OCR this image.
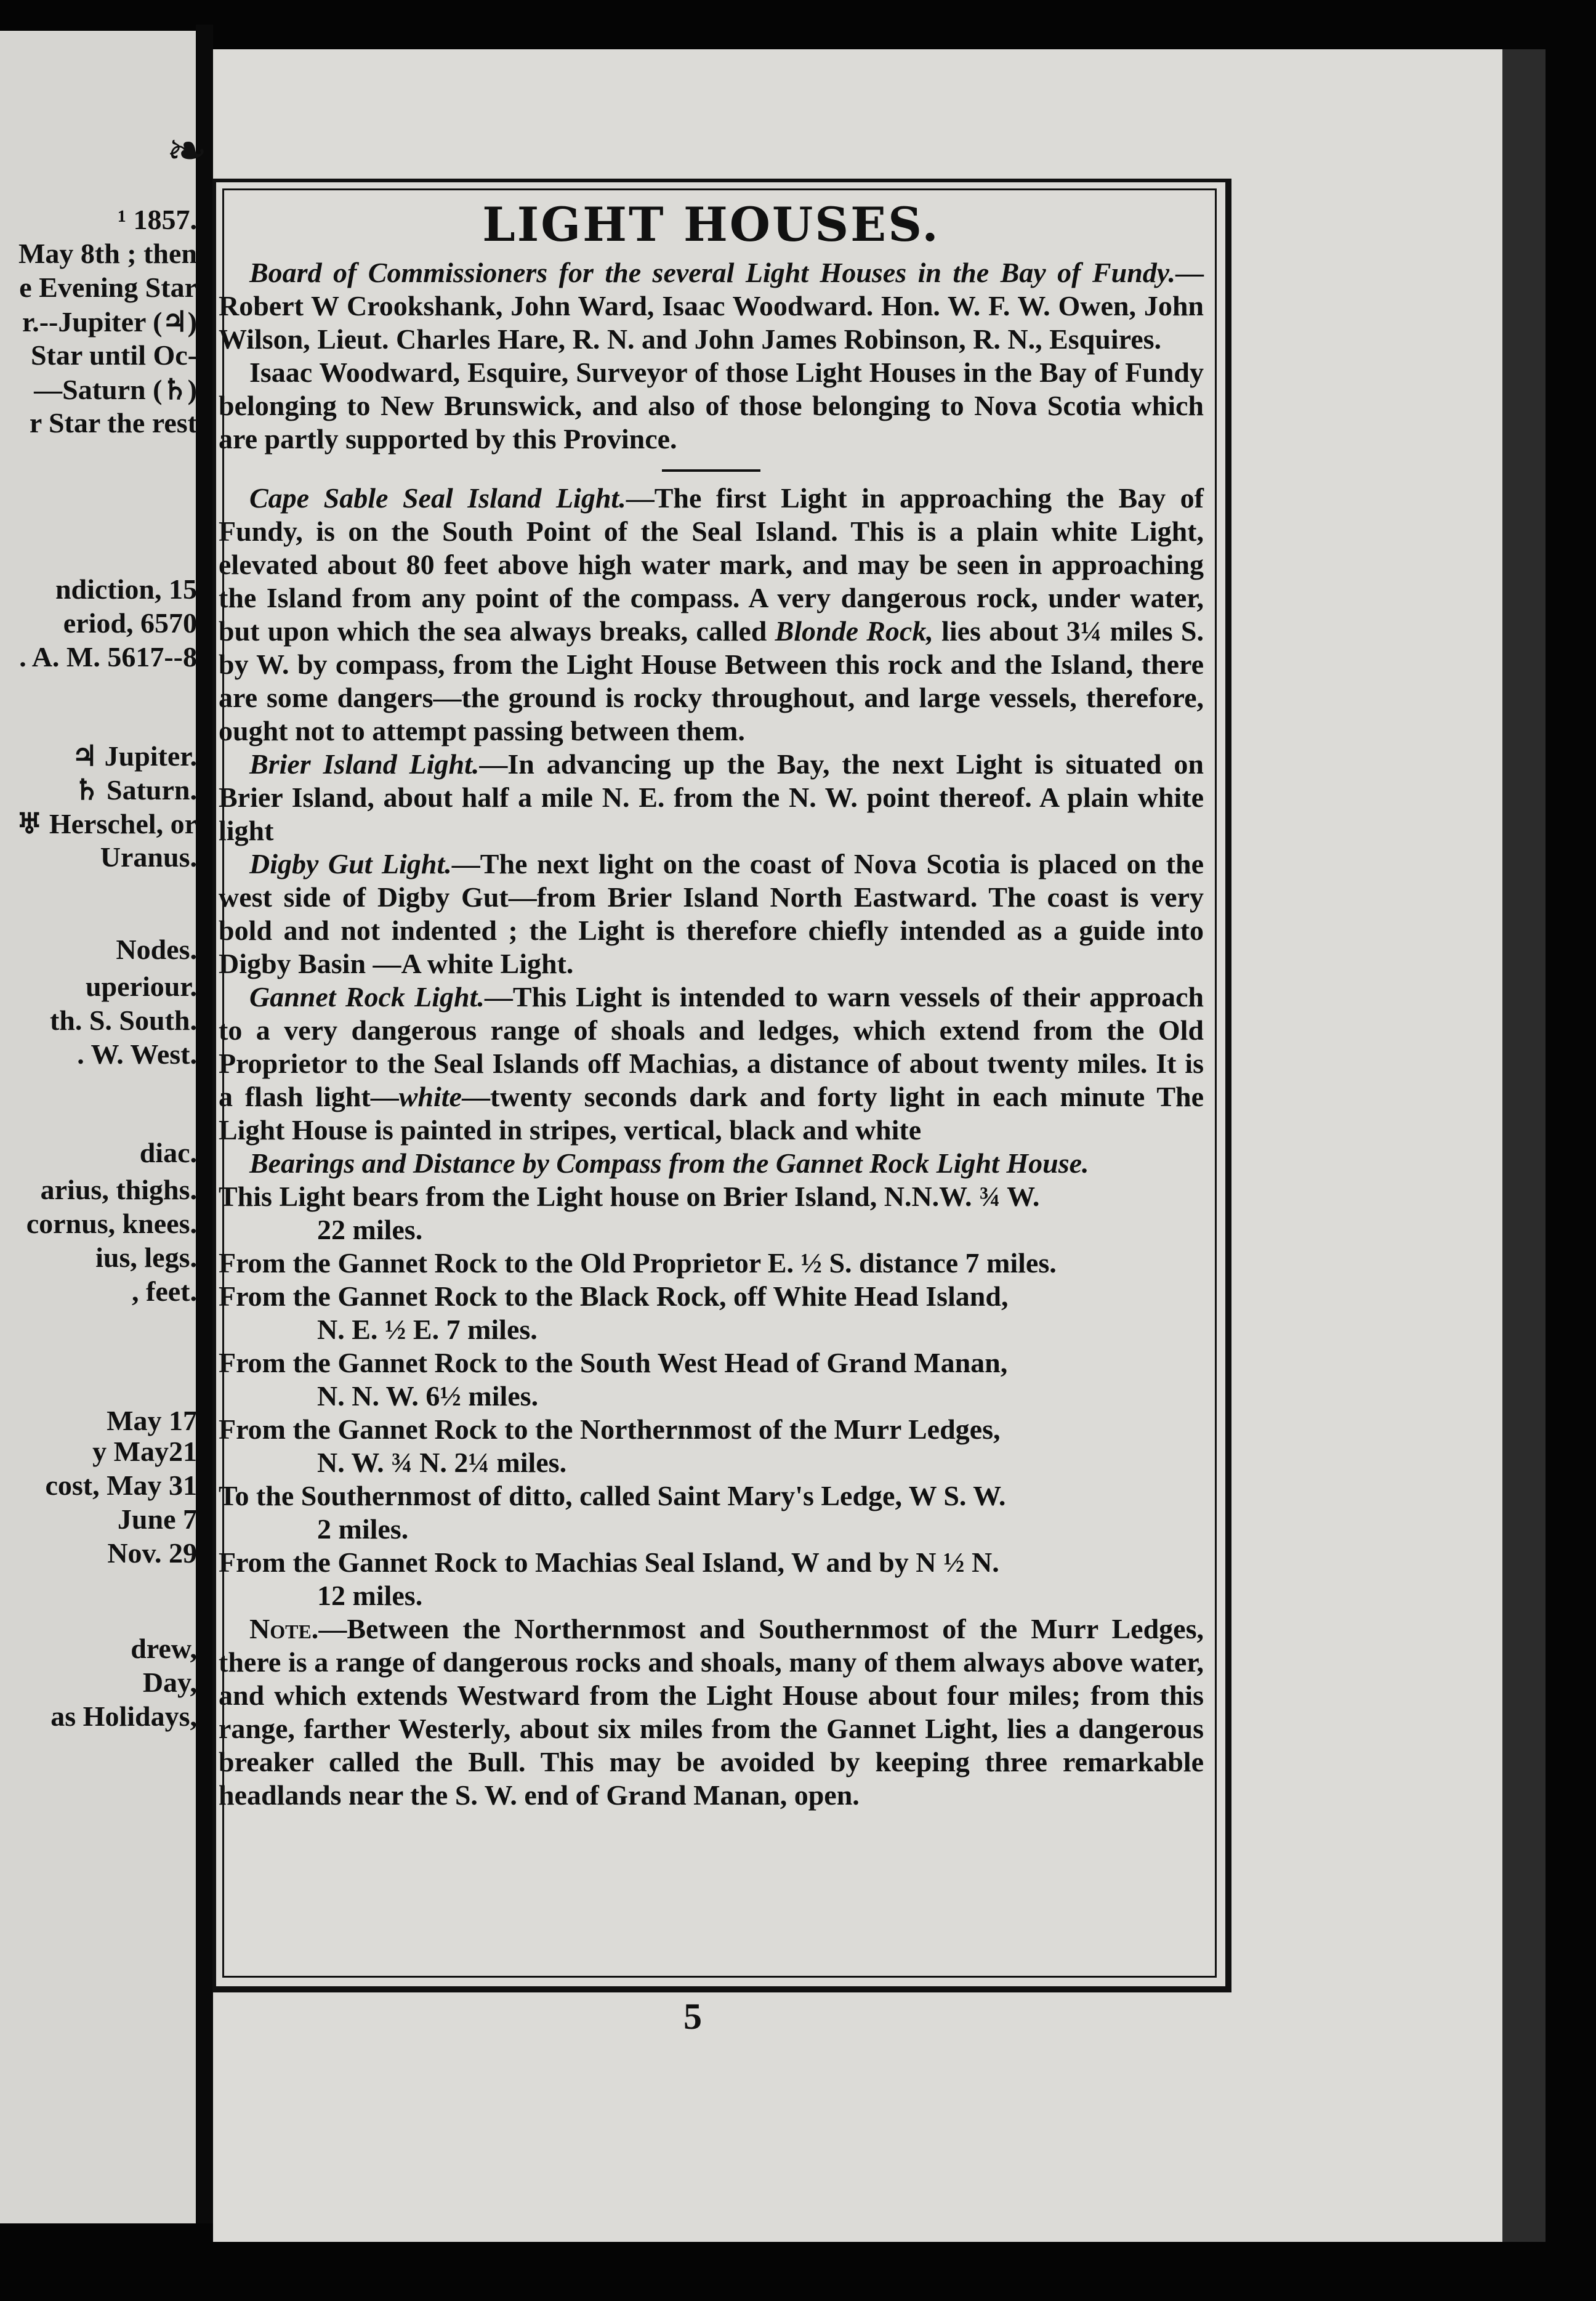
❧
¹ 1857.
May 8th ; then
e Evening Star
r.--Jupiter (♃)
Star until Oc-
—Saturn (♄)
r Star the rest
ndiction, 15
eriod, 6570
. A. M. 5617--8
♃ Jupiter.
♄ Saturn.
♅ Herschel, or
Uranus.
Nodes.
uperiour.
th. S. South.
. W. West.
diac.
arius, thighs.
cornus, knees.
ius, legs.
, feet.
May 17
y May21
cost, May 31
June 7
Nov. 29
drew,
Day,
as Holidays,
LIGHT HOUSES.

Board of Commissioners for the several Light Houses in the Bay of Fundy.—Robert W Crookshank, John Ward, Isaac Woodward. Hon. W. F. W. Owen, John Wilson, Lieut. Charles Hare, R. N. and John James Robinson, R. N., Esquires.

Isaac Woodward, Esquire, Surveyor of those Light Houses in the Bay of Fundy belonging to New Brunswick, and also of those belonging to Nova Scotia which are partly supported by this Province.

Cape Sable Seal Island Light.—The first Light in approaching the Bay of Fundy, is on the South Point of the Seal Island. This is a plain white Light, elevated about 80 feet above high water mark, and may be seen in approaching the Island from any point of the compass. A very dangerous rock, under water, but upon which the sea always breaks, called Blonde Rock, lies about 3¼ miles S. by W. by compass, from the Light House Between this rock and the Island, there are some dangers—the ground is rocky throughout, and large vessels, therefore, ought not to attempt passing between them.

Brier Island Light.—In advancing up the Bay, the next Light is situated on Brier Island, about half a mile N. E. from the N. W. point thereof. A plain white light

Digby Gut Light.—The next light on the coast of Nova Scotia is placed on the west side of Digby Gut—from Brier Island North Eastward. The coast is very bold and not indented ; the Light is therefore chiefly intended as a guide into Digby Basin —A white Light.

Gannet Rock Light.—This Light is intended to warn vessels of their approach to a very dangerous range of shoals and ledges, which extend from the Old Proprietor to the Seal Islands off Machias, a distance of about twenty miles. It is a flash light—white—twenty seconds dark and forty light in each minute The Light House is painted in stripes, vertical, black and white

Bearings and Distance by Compass from the Gannet Rock Light House.

This Light bears from the Light house on Brier Island, N.N.W. ¾ W.
22 miles.

From the Gannet Rock to the Old Proprietor E. ½ S. distance 7 miles.

From the Gannet Rock to the Black Rock, off White Head Island,
N. E. ½ E. 7 miles.

From the Gannet Rock to the South West Head of Grand Manan,
N. N. W. 6½ miles.

From the Gannet Rock to the Northernmost of the Murr Ledges,
N. W. ¾ N. 2¼ miles.

To the Southernmost of ditto, called Saint Mary's Ledge, W S. W.
2 miles.

From the Gannet Rock to Machias Seal Island, W and by N ½ N.
12 miles.

Note.—Between the Northernmost and Southernmost of the Murr Ledges, there is a range of dangerous rocks and shoals, many of them always above water, and which extends Westward from the Light House about four miles; from this range, farther Westerly, about six miles from the Gannet Light, lies a dangerous breaker called the Bull. This may be avoided by keeping three remarkable headlands near the S. W. end of Grand Manan, open.

5
